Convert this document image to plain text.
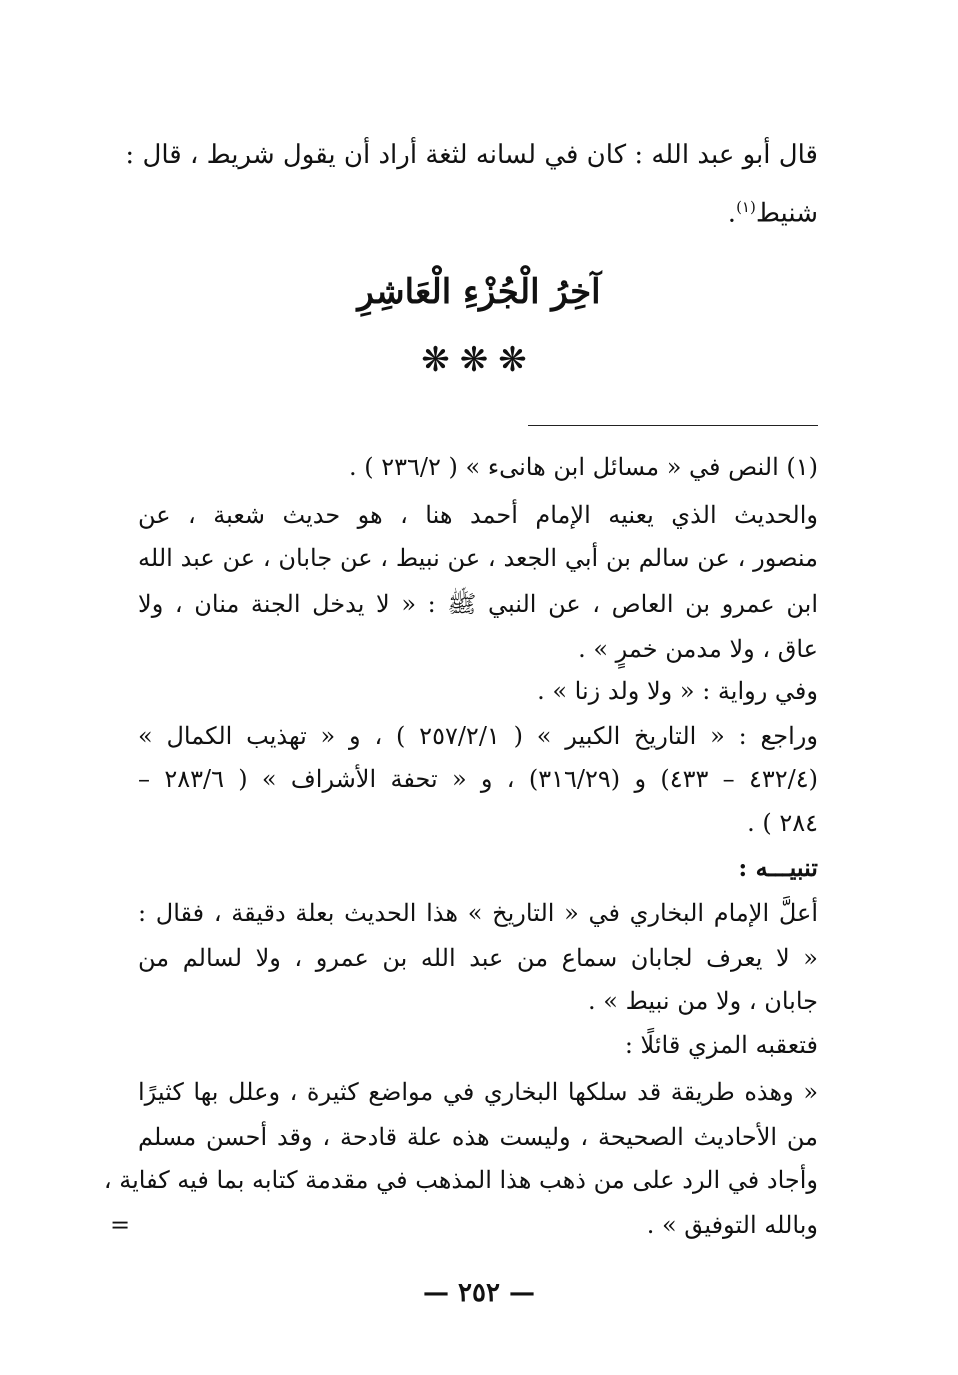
قال أبو عبد الله : كان في لسانه لثغة أراد أن يقول شريط ، قال :
شنيط$^{(١)}$.
آخِرُ الْجُزْءِ الْعَاشِرِ
❋❋❋
(١) النص في « مسائل ابن هانىء » ( ٢٣٦/٢ ) .
والحديث الذي يعنيه الإمام أحمد هنا ، هو حديث شعبة ، عن
منصور ، عن سالم بن أبي الجعد ، عن نبيط ، عن جابان ، عن عبد الله
ابن عمرو بن العاص ، عن النبي ﷺ : « لا يدخل الجنة منان ، ولا
عاق ، ولا مدمن خمرٍ » .
وفي رواية : « ولا ولد زنا » .
وراجع : « التاريخ الكبير » ( ٢٥٧/٢/١ ) ، و « تهذيب الكمال »
(٤٣٢/٤ – ٤٣٣) و (٣١٦/٢٩) ، و « تحفة الأشراف » ( ٢٨٣/٦ –
٢٨٤ ) .
تنبيـــه :
أعلَّ الإمام البخاري في « التاريخ » هذا الحديث بعلة دقيقة ، فقال :
« لا يعرف لجابان سماع من عبد الله بن عمرو ، ولا لسالم من
جابان ، ولا من نبيط » .
فتعقبه المزي قائلًا :
« وهذه طريقة قد سلكها البخاري في مواضع كثيرة ، وعلل بها كثيرًا
من الأحاديث الصحيحة ، وليست هذه علة قادحة ، وقد أحسن مسلم
وأجاد في الرد على من ذهب هذا المذهب في مقدمة كتابه بما فيه كفاية ،
وبالله التوفيق » .
=
— ٢٥٢ —
